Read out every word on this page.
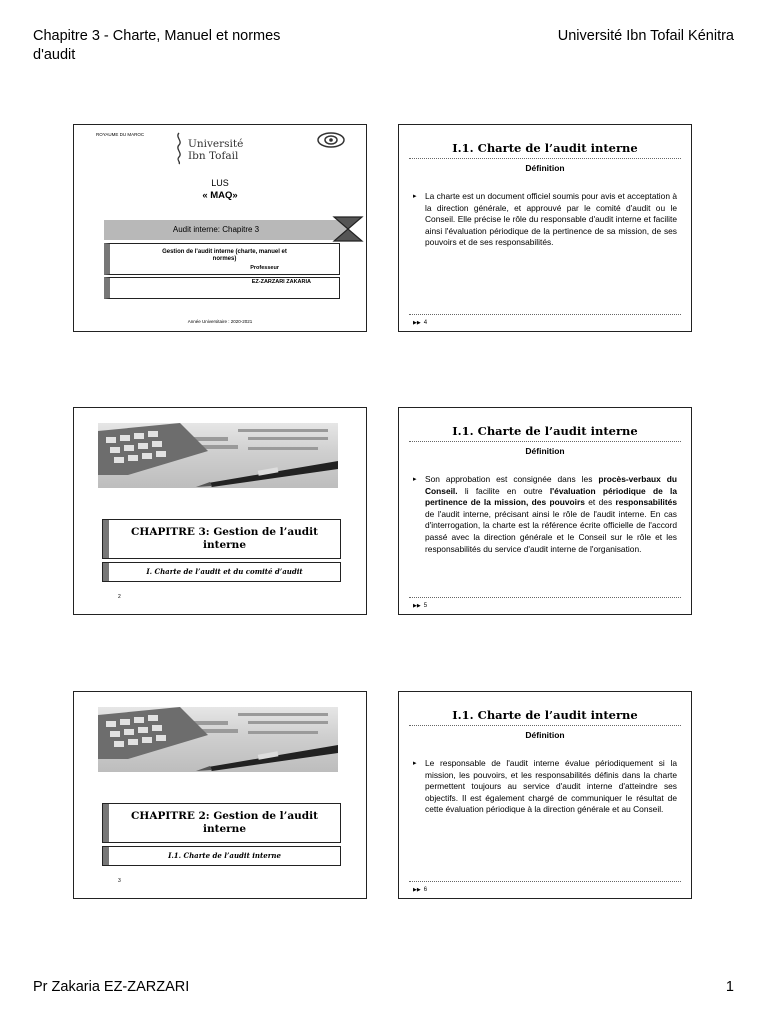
Chapitre 3 - Charte, Manuel et normes
d'audit
Université Ibn Tofail Kénitra
ROYAUME DU MAROC
Université
Ibn Tofail
LUS
« MAQ»
Audit interne: Chapitre 3
Gestion de l'audit interne (charte, manuel et
normes)
Professeur
EZ-ZARZARI ZAKARIA
Année Universitaire : 2020-2021
I.1. Charte de l’audit interne
Définition
▸ La charte est un document officiel soumis pour avis et acceptation à la direction générale, et approuvé par le comité d'audit ou le Conseil. Elle précise le rôle du responsable d'audit interne et facilite ainsi l'évaluation périodique de la pertinence de sa mission, de ses pouvoirs et de ses responsabilités.
▶▶ 4
CHAPITRE 3: Gestion de l’audit interne
I. Charte de l’audit et du comité d’audit
2
I.1. Charte de l’audit interne
Définition
▸ Son approbation est consignée dans les procès-verbaux du Conseil. li facilite en outre l'évaluation périodique de la pertinence de la mission, des pouvoirs et des responsabilités de l'audit interne, précisant ainsi le rôle de l'audit interne. En cas d'interrogation, la charte est la référence écrite officielle de l'accord passé avec la direction générale et le Conseil sur le rôle et les responsabilités du service d'audit interne de l'organisation.
▶▶ 5
CHAPITRE 2: Gestion de l’audit interne
I.1. Charte de l’audit interne
3
I.1. Charte de l’audit interne
Définition
▸ Le responsable de l'audit interne évalue périodiquement si la mission, les pouvoirs, et les responsabilités définis dans la charte permettent toujours au service d'audit interne d'atteindre ses objectifs. Il est également chargé de communiquer le résultat de cette évaluation périodique à la direction générale et au Conseil.
▶▶ 6
Pr Zakaria EZ-ZARZARI	1
